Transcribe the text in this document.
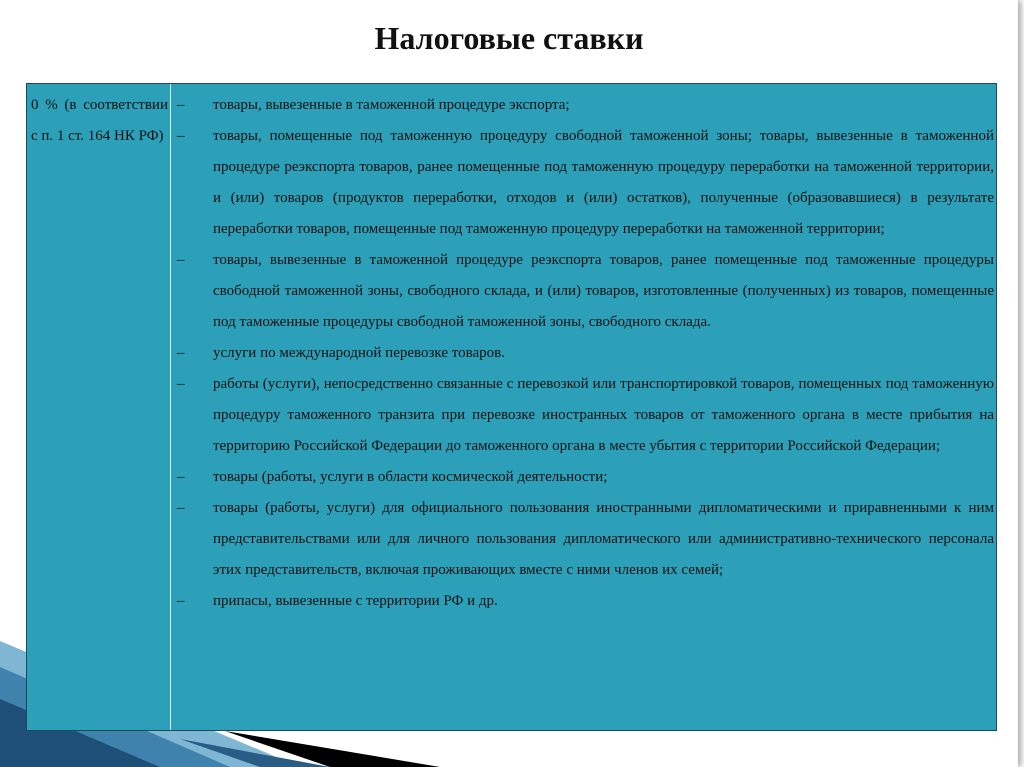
Налоговые ставки
0 % (в соответствии с п. 1 ст. 164 НК РФ)
– товары, вывезенные в таможенной процедуре экспорта;
– товары, помещенные под таможенную процедуру свободной таможенной зоны; товары, вывезенные в таможенной процедуре реэкспорта товаров, ранее помещенные под таможенную процедуру переработки на таможенной территории, и (или) товаров (продуктов переработки, отходов и (или) остатков), полученные (образовавшиеся) в результате переработки товаров, помещенные под таможенную процедуру переработки на таможенной территории;
– товары, вывезенные в таможенной процедуре реэкспорта товаров, ранее помещенные под таможенные процедуры свободной таможенной зоны, свободного склада, и (или) товаров, изготовленные (полученных) из товаров, помещенные под таможенные процедуры свободной таможенной зоны, свободного склада.
– услуги по международной перевозке товаров.
– работы (услуги), непосредственно связанные с перевозкой или транспортировкой товаров, помещенных под таможенную процедуру таможенного транзита при перевозке иностранных товаров от таможенного органа в месте прибытия на территорию Российской Федерации до таможенного органа в месте убытия с территории Российской Федерации;
– товары (работы, услуги в области космической деятельности;
– товары (работы, услуги) для официального пользования иностранными дипломатическими и приравненными к ним представительствами или для личного пользования дипломатического или административно-технического персонала этих представительств, включая проживающих вместе с ними членов их семей;
– припасы, вывезенные с территории РФ и др.
